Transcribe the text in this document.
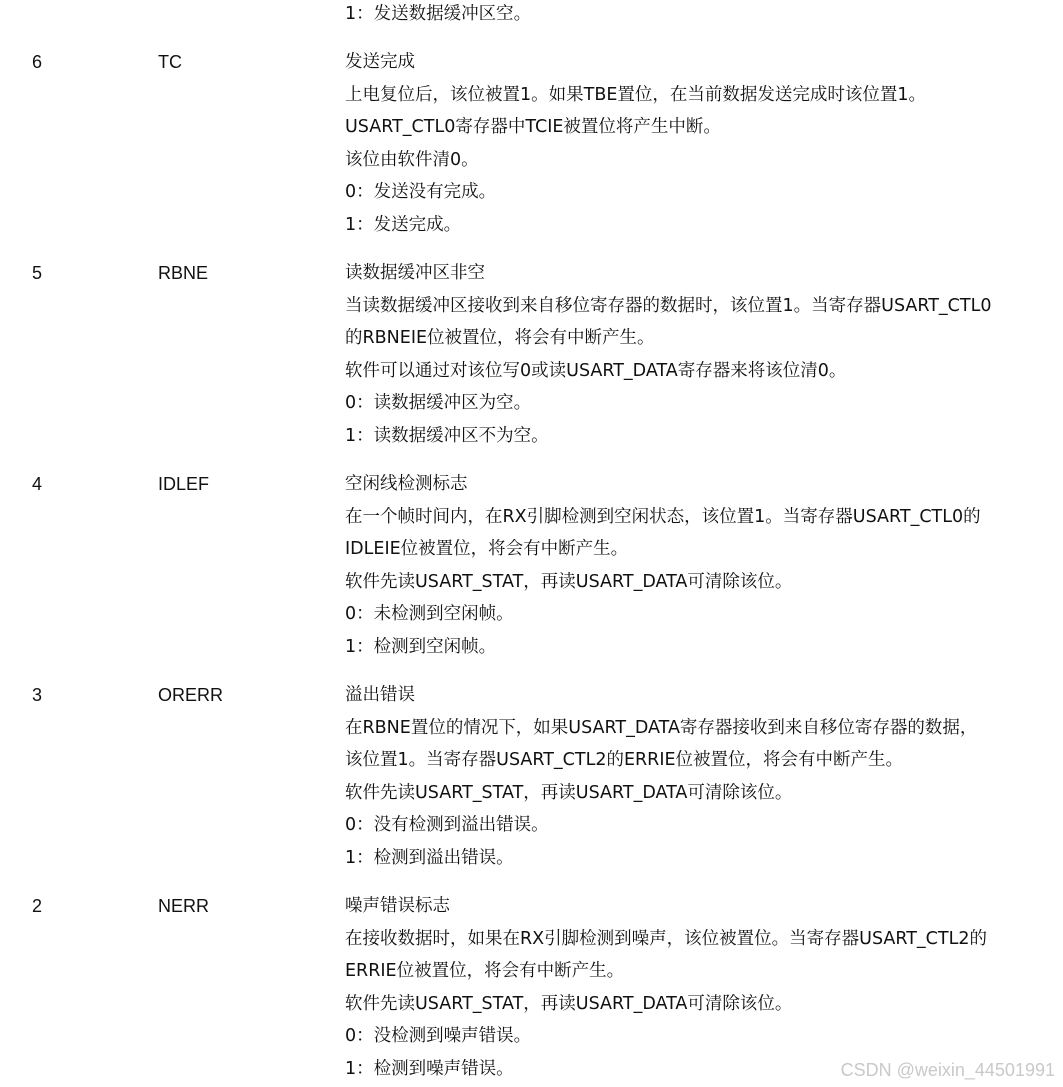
1：发送数据缓冲区空。
6	TC	发送完成
上电复位后，该位被置1。如果TBE置位，在当前数据发送完成时该位置1。
USART_CTL0寄存器中TCIE被置位将产生中断。
该位由软件清0。
0：发送没有完成。
1：发送完成。
5	RBNE	读数据缓冲区非空
当读数据缓冲区接收到来自移位寄存器的数据时，该位置1。当寄存器USART_CTL0
的RBNEIE位被置位，将会有中断产生。
软件可以通过对该位写0或读USART_DATA寄存器来将该位清0。
0：读数据缓冲区为空。
1：读数据缓冲区不为空。
4	IDLEF	空闲线检测标志
在一个帧时间内，在RX引脚检测到空闲状态，该位置1。当寄存器USART_CTL0的
IDLEIE位被置位，将会有中断产生。
软件先读USART_STAT，再读USART_DATA可清除该位。
0：未检测到空闲帧。
1：检测到空闲帧。
3	ORERR	溢出错误
在RBNE置位的情况下，如果USART_DATA寄存器接收到来自移位寄存器的数据，
该位置1。当寄存器USART_CTL2的ERRIE位被置位，将会有中断产生。
软件先读USART_STAT，再读USART_DATA可清除该位。
0：没有检测到溢出错误。
1：检测到溢出错误。
2	NERR	噪声错误标志
在接收数据时，如果在RX引脚检测到噪声，该位被置位。当寄存器USART_CTL2的
ERRIE位被置位，将会有中断产生。
软件先读USART_STAT，再读USART_DATA可清除该位。
0：没检测到噪声错误。
1：检测到噪声错误。	CSDN @weixin_44501991
